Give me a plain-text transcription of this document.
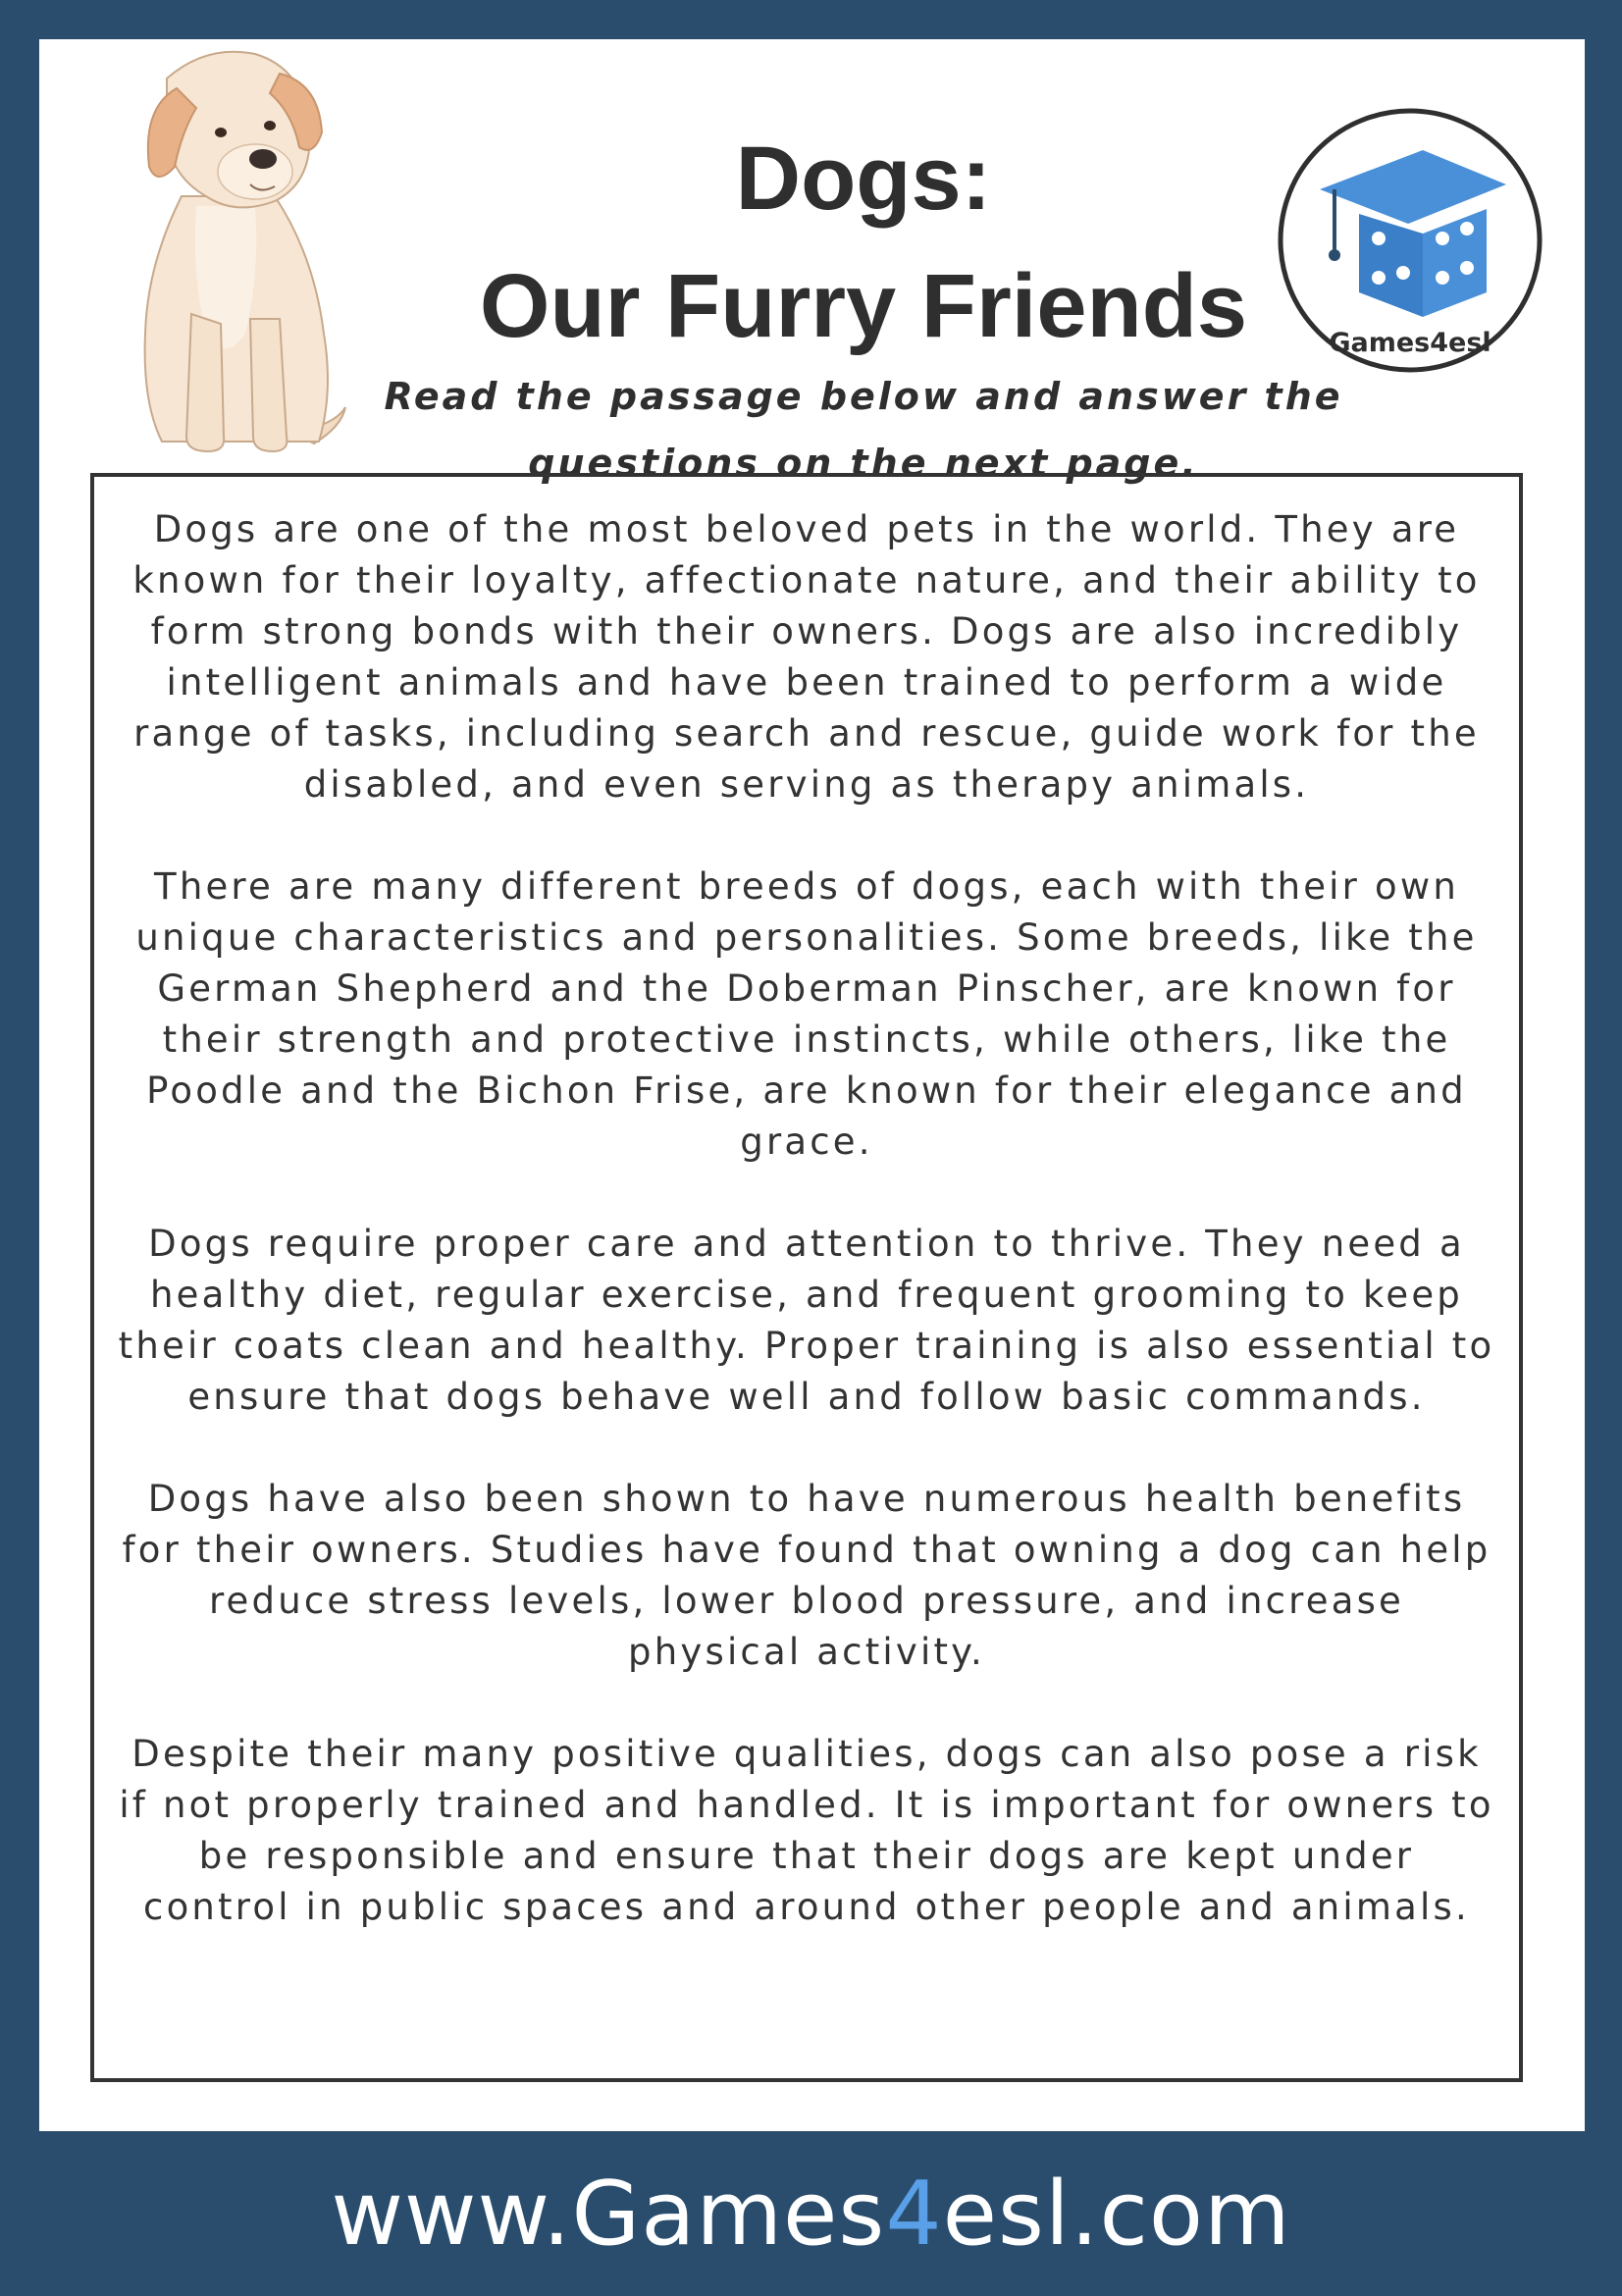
Dogs:
Our Furry Friends
Read the passage below and answer the questions on the next page.
Games4esl

Dogs are one of the most beloved pets in the world. They are known for their loyalty, affectionate nature, and their ability to form strong bonds with their owners. Dogs are also incredibly intelligent animals and have been trained to perform a wide range of tasks, including search and rescue, guide work for the disabled, and even serving as therapy animals.

There are many different breeds of dogs, each with their own unique characteristics and personalities. Some breeds, like the German Shepherd and the Doberman Pinscher, are known for their strength and protective instincts, while others, like the Poodle and the Bichon Frise, are known for their elegance and grace.

Dogs require proper care and attention to thrive. They need a healthy diet, regular exercise, and frequent grooming to keep their coats clean and healthy. Proper training is also essential to ensure that dogs behave well and follow basic commands.

Dogs have also been shown to have numerous health benefits for their owners. Studies have found that owning a dog can help reduce stress levels, lower blood pressure, and increase physical activity.

Despite their many positive qualities, dogs can also pose a risk if not properly trained and handled. It is important for owners to be responsible and ensure that their dogs are kept under control in public spaces and around other people and animals.

www.Games4esl.com
